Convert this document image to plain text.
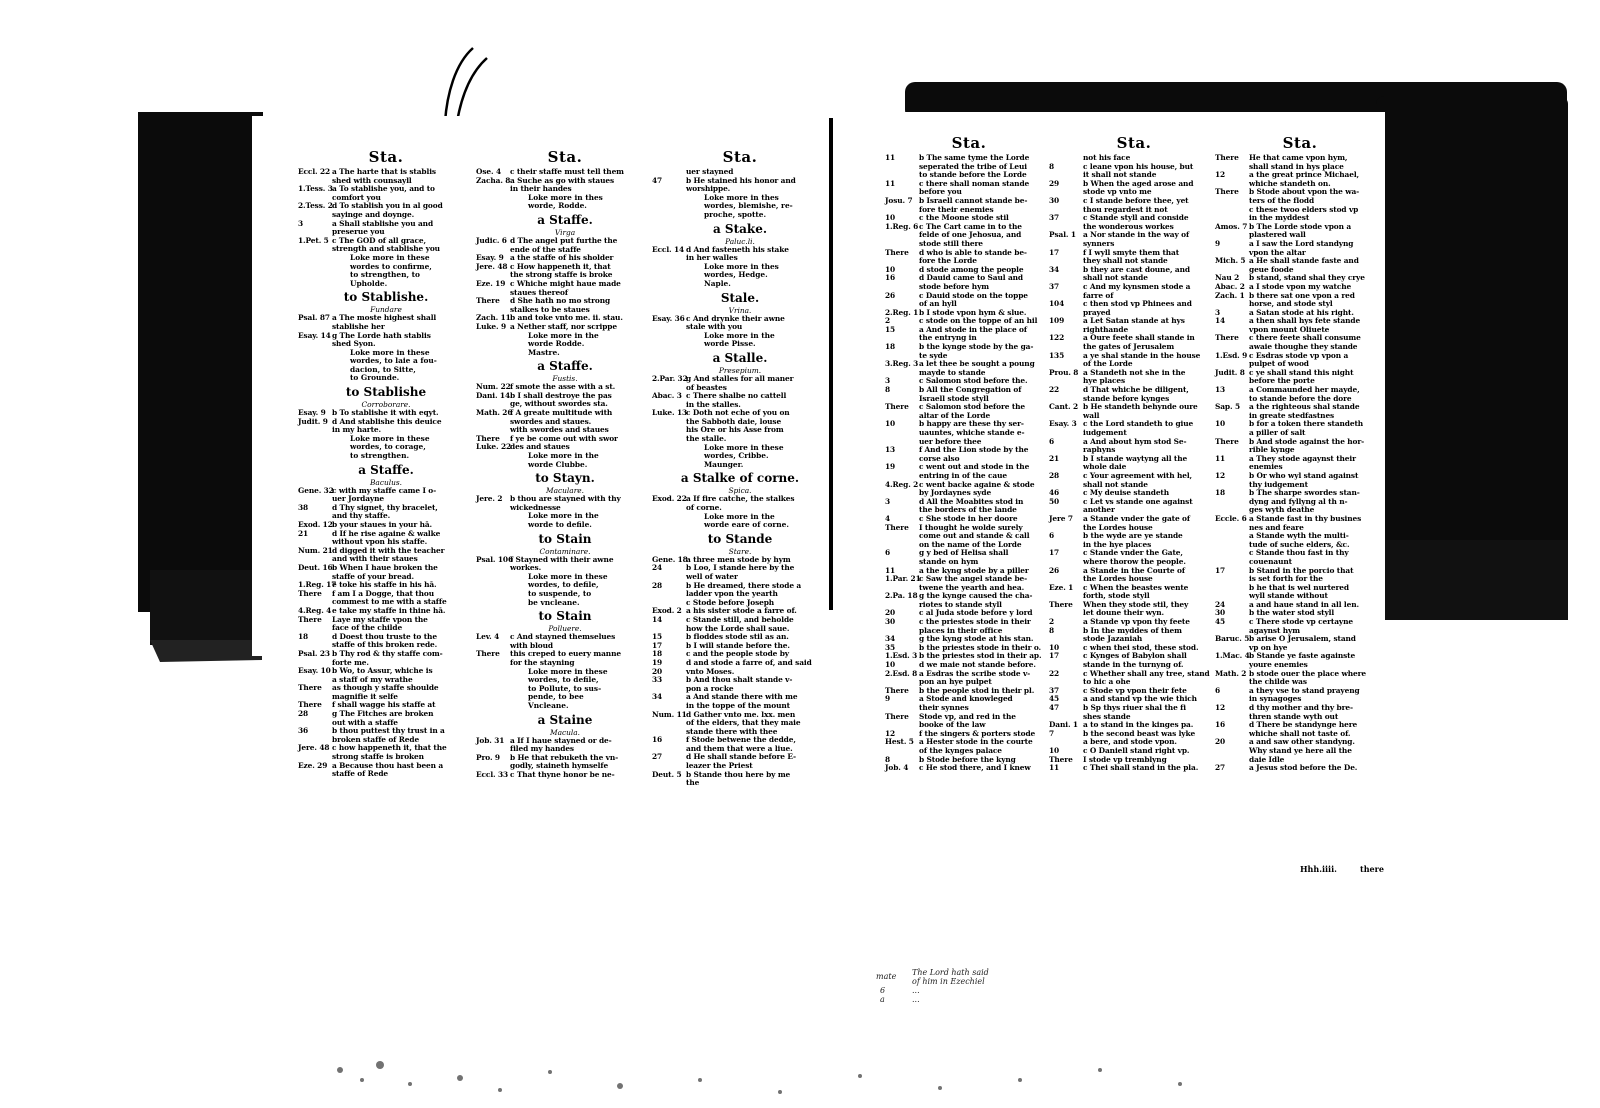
Sta.
Eccl. 22 a The harte that is stablis
shed with counsayll
1.Tess. 3a To stablishe you, and to
comfort you
2.Tess. 2d To stablish you in al good
sayinge and doynge.
3	a Shall stablishe you and
preserue you
1.Pet. 5 c The GOD of all grace,
strength and stablishe you
Loke more in these
wordes to confirme,
to strengthen, to
Upholde.
to Stablishe.
Fundare
Psal. 87 a The moste highest shall
stablishe her
Esay. 14g The Lorde hath stablis
shed Syon.
Loke more in these
wordes, to laie a fou-
dacion, to Sitte,
to Grounde.
to Stablishe
Corroborare.
Esay. 9 b To stablishe it with eqyt.
Judit. 9 d And stablishe this deuice
in my harte.
Loke more in these
wordes, to corage,
to strengthen.
a Staffe.
Baculus.
Gene. 32c with my staffe came I o-
uer Jordayne
38	d Thy signet, thy bracelet,
and thy staffe.
Exod. 12b your staues in your hā.
21	d If he rise againe & walke
without vpon his staffe.
Num. 21d digged it with the teacher
and with their staues
Deut. 16b When I haue broken the
staffe of your bread.
1.Reg. 17e toke his staffe in his hā.
There f am I a Dogge, that thou
commest to me with a staffe
4.Reg. 4e take my staffe in thine hā.
There Laye my staffe vpon the
face of the childe
18	d Doest thou truste to the
staffe of this broken rede.
Psal. 23 b Thy rod & thy staffe com-
forte me.
Esay. 10b Wo, to Assur, whiche is
a staff of my wrathe
There as though y staffe shoulde
magnifie it selfe
There f shall wagge his staffe at
28	g The Fitches are broken
out with a staffe
36	b thou puttest thy trust in a
broken staffe of Rede
Jere. 48 c how happeneth it, that the
strong staffe is broken
Eze. 29 a Because thou hast been a
staffe of Rede
Sta.
Ose. 4 c their staffe must tell them
Zacha. 8a Suche as go with staues
in their handes
Loke more in thes
worde, Rodde.
a Staffe.
Virga
Judic. 6 d The angel put furthe the
ende of the staffe
Esay. 9 a the staffe of his sholder
Jere. 48 c How happeneth it, that
the strong staffe is broke
Eze. 19 c Whiche might haue made
staues thereof
There d She hath no mo strong
stalkes to be staues
Zach. 11b and toke vnto me. ii. stau.
Luke. 9 a Nether staff, nor scrippe
Loke more in the
worde Rodde.
Mastre.
a Staffe.
Fustis.
Num. 22f smote the asse with a st.
Dani. 14b I shall destroye the pas
ge, without swordes sta.
Math. 26f A greate multitude with
swordes and staues.
with swordes and staues
There f ye be come out with swor
Luke. 22des and staues
Loke more in the
worde Clubbe.
to Stayn.
Maculare.
Jere. 2 b thou are stayned with thy
wickednesse
Loke more in the
worde to defile.
to Stain
Contaminare.
Psal. 106f Stayned with their awne
workes.
Loke more in these
wordes, to defile,
to suspende, to
be vncleane.
to Stain
Polluere.
Lev. 4 c And stayned themselues
with bloud
There this creped to euery manne
for the stayning
Loke more in these
wordes, to defile,
to Pollute, to sus-
pende, to bee
Vncleane.
a Staine
Macula.
Job. 31 a If I haue stayned or de-
filed my handes
Pro. 9 b He that rebuketh the vn-
godly, staineth hymselfe
Eccl. 33 c That thyne honor be ne-
Sta.
uer stayned
47	b He stained his honor and
worshippe.
Loke more in thes
wordes, blemishe, re-
proche, spotte.
a Stake.
Paluc.li.
Eccl. 14 d And fasteneth his stake
in her walles
Loke more in thes
wordes, Hedge.
Naple.
Stale.
Vrina.
Esay. 36c And drynke their awne
stale with you
Loke more in the
worde Pisse.
a Stalle.
Presepium.
2.Par. 32g And stalles for all maner
of beastes
Abac. 3 c There shalbe no cattell
in the stalles.
Luke. 13c Doth not eche of you on
the Sabboth daie, louse
his Ore or his Asse from
the stalle.
Loke more in these
wordes, Cribbe.
Maunger.
a Stalke of corne.
Spica.
Exod. 22a If fire catche, the stalkes
of corne.
Loke more in the
worde eare of corne.
to Stande
Stare.
Gene. 18a three men stode by hym
24	b Loo, I stande here by the
well of water
28	b He dreamed, there stode a
ladder vpon the yearth
c Stode before Joseph
Exod. 2 a his sister stode a farre of.
14	c Stande still, and beholde
how the Lorde shall saue.
15	b floddes stode stil as an.
17	b I will stande before the.
18	c and the people stode by
19	d and stode a farre of, and said
20	vnto Moses.
33	b And thou shalt stande v-
pon a rocke
34	a And stande there with me
in the toppe of the mount
Num. 11d Gather vnto me. lxx. men
of the elders, that they maie
stande there with thee
16	f Stode betwene the dedde,
and them that were a liue.
27	d He shall stande before E-
leazer the Priest
Deut. 5 b Stande thou here by me
the
Sta.
11	b The same tyme the Lorde
seperated the tribe of Leui
to stande before the Lorde
11	c there shall noman stande
before you
Josu. 7 b Israell cannot stande be-
fore their enemies
10	c the Moone stode stil
1.Reg. 6c The Cart came in to the
felde of one Jehosua, and
stode still there
There d who is able to stande be-
fore the Lorde
10	d stode among the people
16	d Dauid came to Saul and
stode before hym
26	c Dauid stode on the toppe
of an hyll
2.Reg. 1b I stode vpon hym & slue.
2	c stode on the toppe of an hil
15	a And stode in the place of
the entryng in
18	b the kynge stode by the ga-
te syde
3.Reg. 3a let thee be sought a poung
mayde to stande
3	c Salomon stod before the.
8	b All the Congregation of
Israell stode styll
There c Salomon stod before the
altar of the Lorde
10	b happy are these thy ser-
uauntes, whiche stande e-
uer before thee
13	f And the Lion stode by the
corse also
19	c went out and stode in the
entring in of the caue
4.Reg. 2c went backe againe & stode
by Jordaynes syde
3	d All the Moabites stod in
the borders of the lande
4	c She stode in her doore
There I thought he wolde surely
come out and stande & call
on the name of the Lorde
6	g y bed of Helisa shall
stande on hym
11	a the kyng stode by a piller
1.Par. 21c Saw the angel stande be-
twene the yearth and hea.
2.Pa. 18 g the kynge caused the cha-
riotes to stande styll
20	c al Juda stode before y lord
30	c the priestes stode in their
places in their office
34	g the kyng stode at his stan.
35	b the priestes stode in their o.
1.Esd. 3 b the priestes stod in their ap.
10	d we maie not stande before.
2.Esd. 8 a Esdras the scribe stode v-
pon an hye pulpet
There b the people stod in their pl.
9	a Stode and knowleged
their synnes
There Stode vp, and red in the
booke of the law
12	f the singers & porters stode
Hest. 5 a Hester stode in the courte
of the kynges palace
8	b Stode before the kyng
Job. 4 c He stod there, and I knew
Sta.
not his face
8	c leane vpon his house, but
it shall not stande
29	b When the aged arose and
stode vp vnto me
30	c I stande before thee, yet
thou regardest it not
37	c Stande styll and conside
the wonderous workes
Psal. 1 a Nor stande in the way of
synners
17	f I wyll smyte them that
they shall not stande
34	b they are cast doune, and
shall not stande
37	c And my kynsmen stode a
farre of
104	c then stod vp Phinees and
prayed
109	a Let Satan stande at hys
righthande
122	a Oure feete shall stande in
the gates of Jerusalem
135	a ye shal stande in the house
of the Lorde
Prou. 8 a Standeth not she in the
hye places
22	d That whiche be diligent,
stande before kynges
Cant. 2 b He standeth behynde oure
wall
Esay. 3 c the Lord standeth to giue
iudgement
6	a And about hym stod Se-
raphyns
21	b I stande waytyng all the
whole daie
28	c Your agreement with hel,
shall not stande
46	c My deuise standeth
50	c Let vs stande one against
another
Jere 7 a Stande vnder the gate of
the Lordes house
6	b the wyde are ye stande
in the hye places
17	c Stande vnder the Gate,
where thorow the people.
26	a Stande in the Courte of
the Lordes house
Eze. 1 c When the beastes wente
forth, stode styll
There When they stode stil, they
let doune their wyn.
2	a Stande vp vpon thy feete
8	b In the myddes of them
stode Jazaniah
10	c when thei stod, these stod.
17	c Kynges of Babylon shall
stande in the turnyng of.
22	c Whether shall any tree, stand
to hic a ohe
37	c Stode vp vpon their fete
45	a and stand vp the wie thich
47	b Sp thys riuer shal the fi
shes stande
Dani. 1 a to stand in the kinges pa.
7	b the second beast was lyke
a bere, and stode vpon.
10	c O Daniell stand right vp.
There I stode vp tremblyng
11	c Thei shall stand in the pla.
Sta.
There He that came vpon hym,
shall stand in hys place
12	a the great prince Michael,
whiche standeth on.
There b Stode about vpon the wa-
ters of the flodd
c these twoo elders stod vp
in the myddest
Amos. 7 b The Lorde stode vpon a
plastered wall
9	a I saw the Lord standyng
vpon the altar
Mich. 5 a He shall stande faste and
geue foode
Nau 2 b stand, stand shal they crye
Abac. 2 a I stode vpon my watche
Zach. 1 b there sat one vpon a red
horse, and stode styl
3	a Satan stode at his right.
14	a then shall hys fete stande
vpon mount Oliuete
There c there feete shall consume
awaie thoughe they stande
1.Esd. 9 c Esdras stode vp vpon a
pulpet of wood
Judit. 8 c ye shall stand this night
before the porte
13	a Commaunded her mayde,
to stande before the dore
Sap. 5 a the righteous shal stande
in greate stedfastnes
10	b for a token there standeth
a piller of salt
There b And stode against the hor-
rible kynge
11	a They stode agaynst their
enemies
12	b Or who wyl stand against
thy iudgement
18	b The sharpe swordes stan-
dyng and fyllyng al th n-
ges wyth deathe
Eccle. 6 a Stande fast in thy busines
nes and feare
a Stande wyth the multi-
tude of suche elders, &c.
c Stande thou fast in thy
couenaunt
17	b Stand in the porcio that
is set forth for the
b he that is wel nurtered
wyll stande without
24	a and haue stand in all len.
30	b the water stod styll
45	c There stode vp certayne
agaynst hym
Baruc. 5b arise O Jerusalem, stand
vp on hye
1.Mac. 4b Stande ye faste againste
youre enemies
Math. 2 b stode ouer the place where
the childe was
6	a they vse to stand prayeng
in synagoges
12	d thy mother and thy bre-
thren stande wyth out
16	d There be standynge here
whiche shall not taste of.
20	a and saw other standyng.
Why stand ye here all the
daie Idle
27	a Jesus stod before the De.
Hhh.iiii.	there
mate
6 a
The Lord hath said
of him in Ezechiel
...
...
